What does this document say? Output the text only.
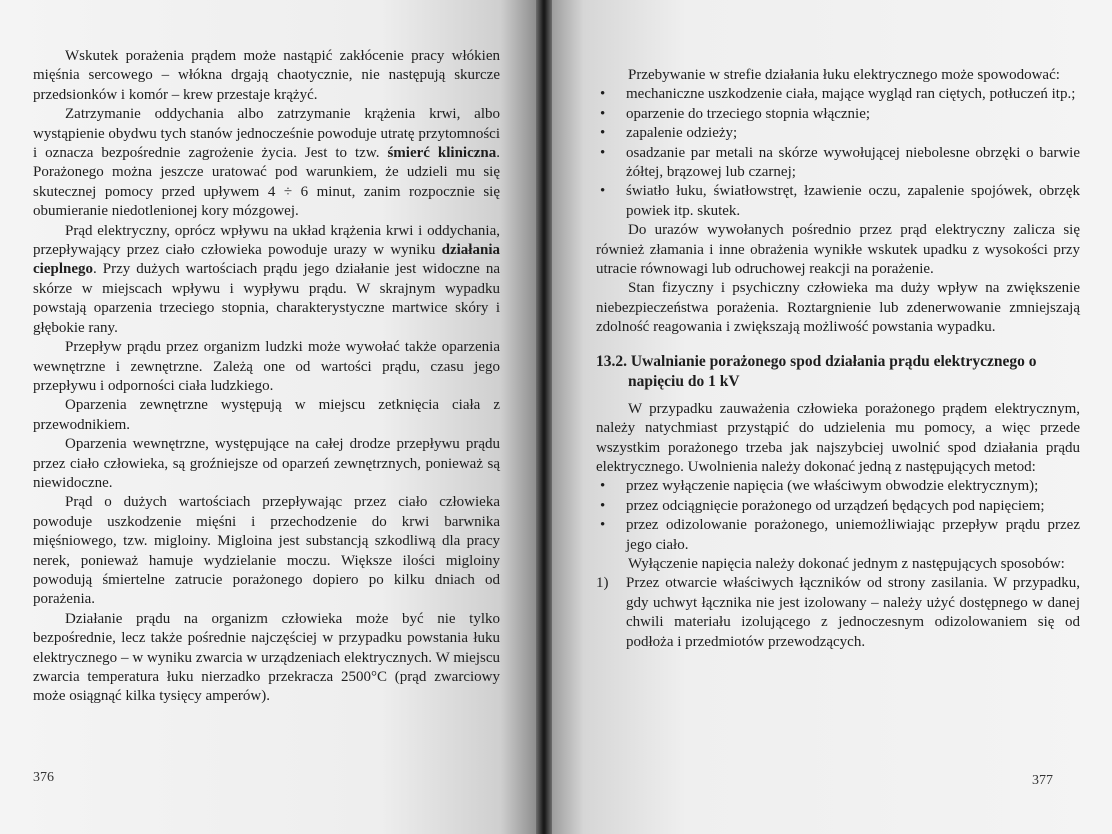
Wskutek porażenia prądem może nastąpić zakłócenie pracy włókien mięśnia sercowego – włókna drgają chaotycznie, nie następują skurcze przedsionków i komór – krew przestaje krążyć.

Zatrzymanie oddychania albo zatrzymanie krążenia krwi, albo wystąpienie obydwu tych stanów jednocześnie powoduje utratę przytomności i oznacza bezpośrednie zagrożenie życia. Jest to tzw. śmierć kliniczna. Porażonego można jeszcze uratować pod warunkiem, że udzieli mu się skutecznej pomocy przed upływem 4 ÷ 6 minut, zanim rozpocznie się obumieranie niedotlenionej kory mózgowej.

Prąd elektryczny, oprócz wpływu na układ krążenia krwi i oddychania, przepływający przez ciało człowieka powoduje urazy w wyniku działania cieplnego. Przy dużych wartościach prądu jego działanie jest widoczne na skórze w miejscach wpływu i wypływu prądu. W skrajnym wypadku powstają oparzenia trzeciego stopnia, charakterystyczne martwice skóry i głębokie rany.

Przepływ prądu przez organizm ludzki może wywołać także oparzenia wewnętrzne i zewnętrzne. Zależą one od wartości prądu, czasu jego przepływu i odporności ciała ludzkiego.

Oparzenia zewnętrzne występują w miejscu zetknięcia ciała z przewodnikiem.

Oparzenia wewnętrzne, występujące na całej drodze przepływu prądu przez ciało człowieka, są groźniejsze od oparzeń zewnętrznych, ponieważ są niewidoczne.

Prąd o dużych wartościach przepływając przez ciało człowieka powoduje uszkodzenie mięśni i przechodzenie do krwi barwnika mięśniowego, tzw. migloiny. Migloina jest substancją szkodliwą dla pracy nerek, ponieważ hamuje wydzielanie moczu. Większe ilości migloiny powodują śmiertelne zatrucie porażonego dopiero po kilku dniach od porażenia.

Działanie prądu na organizm człowieka może być nie tylko bezpośrednie, lecz także pośrednie najczęściej w przypadku powstania łuku elektrycznego – w wyniku zwarcia w urządzeniach elektrycznych. W miejscu zwarcia temperatura łuku nierzadko przekracza 2500°C (prąd zwarciowy może osiągnąć kilka tysięcy amperów).

376

Przebywanie w strefie działania łuku elektrycznego może spowodować:

• mechaniczne uszkodzenie ciała, mające wygląd ran ciętych, potłuczeń itp.;
• oparzenie do trzeciego stopnia włącznie;
• zapalenie odzieży;
• osadzanie par metali na skórze wywołującej niebolesne obrzęki o barwie żółtej, brązowej lub czarnej;
• światło łuku, światłowstręt, łzawienie oczu, zapalenie spojówek, obrzęk powiek itp. skutek.

Do urazów wywołanych pośrednio przez prąd elektryczny zalicza się również złamania i inne obrażenia wynikłe wskutek upadku z wysokości przy utracie równowagi lub odruchowej reakcji na porażenie.

Stan fizyczny i psychiczny człowieka ma duży wpływ na zwiększenie niebezpieczeństwa porażenia. Roztargnienie lub zdenerwowanie zmniejszają zdolność reagowania i zwiększają możliwość powstania wypadku.

13.2. Uwalnianie porażonego spod działania prądu elektrycznego o napięciu do 1 kV

W przypadku zauważenia człowieka porażonego prądem elektrycznym, należy natychmiast przystąpić do udzielenia mu pomocy, a więc przede wszystkim porażonego trzeba jak najszybciej uwolnić spod działania prądu elektrycznego. Uwolnienia należy dokonać jedną z następujących metod:

• przez wyłączenie napięcia (we właściwym obwodzie elektrycznym);
• przez odciągnięcie porażonego od urządzeń będących pod napięciem;
• przez odizolowanie porażonego, uniemożliwiając przepływ prądu przez jego ciało.

Wyłączenie napięcia należy dokonać jednym z następujących sposobów:

1) Przez otwarcie właściwych łączników od strony zasilania. W przypadku, gdy uchwyt łącznika nie jest izolowany – należy użyć dostępnego w danej chwili materiału izolującego z jednoczesnym odizolowaniem się od podłoża i przedmiotów przewodzących.
377
